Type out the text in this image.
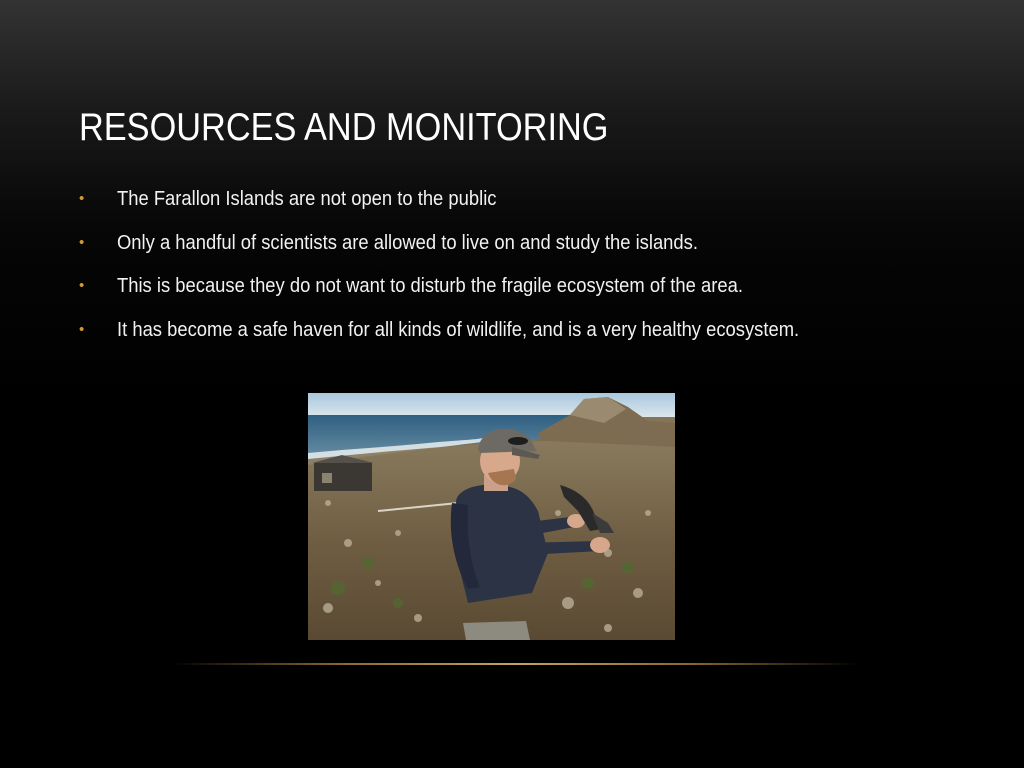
RESOURCES AND MONITORING
•	The Farallon Islands are not open to the public
•	Only a handful of scientists are allowed to live on and study the islands.
•	This is because they do not want to disturb the fragile ecosystem of the area.
•	It has become a safe haven for all kinds of wildlife, and is a very healthy ecosystem.
